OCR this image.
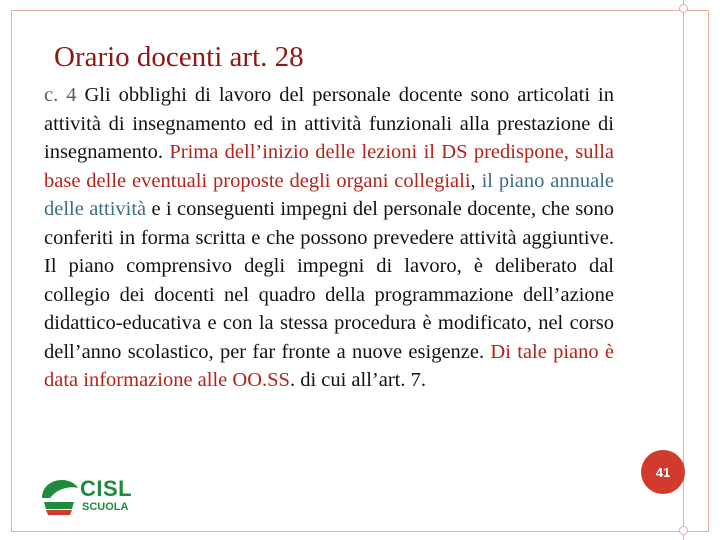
Orario docenti art. 28

c. 4 Gli obblighi di lavoro del personale docente sono articolati in attività di insegnamento ed in attività funzionali alla prestazione di insegnamento. Prima dell’inizio delle lezioni il DS predispone, sulla base delle eventuali proposte degli organi collegiali, il piano annuale delle attività e i conseguenti impegni del personale docente, che sono conferiti in forma scritta e che possono prevedere attività aggiuntive. Il piano comprensivo degli impegni di lavoro, è deliberato dal collegio dei docenti nel quadro della programmazione dell’azione didattico-educativa e con la stessa procedura è modificato, nel corso dell’anno scolastico, per far fronte a nuove esigenze. Di tale piano è data informazione alle OO.SS. di cui all’art. 7.

41
CISL
SCUOLA
